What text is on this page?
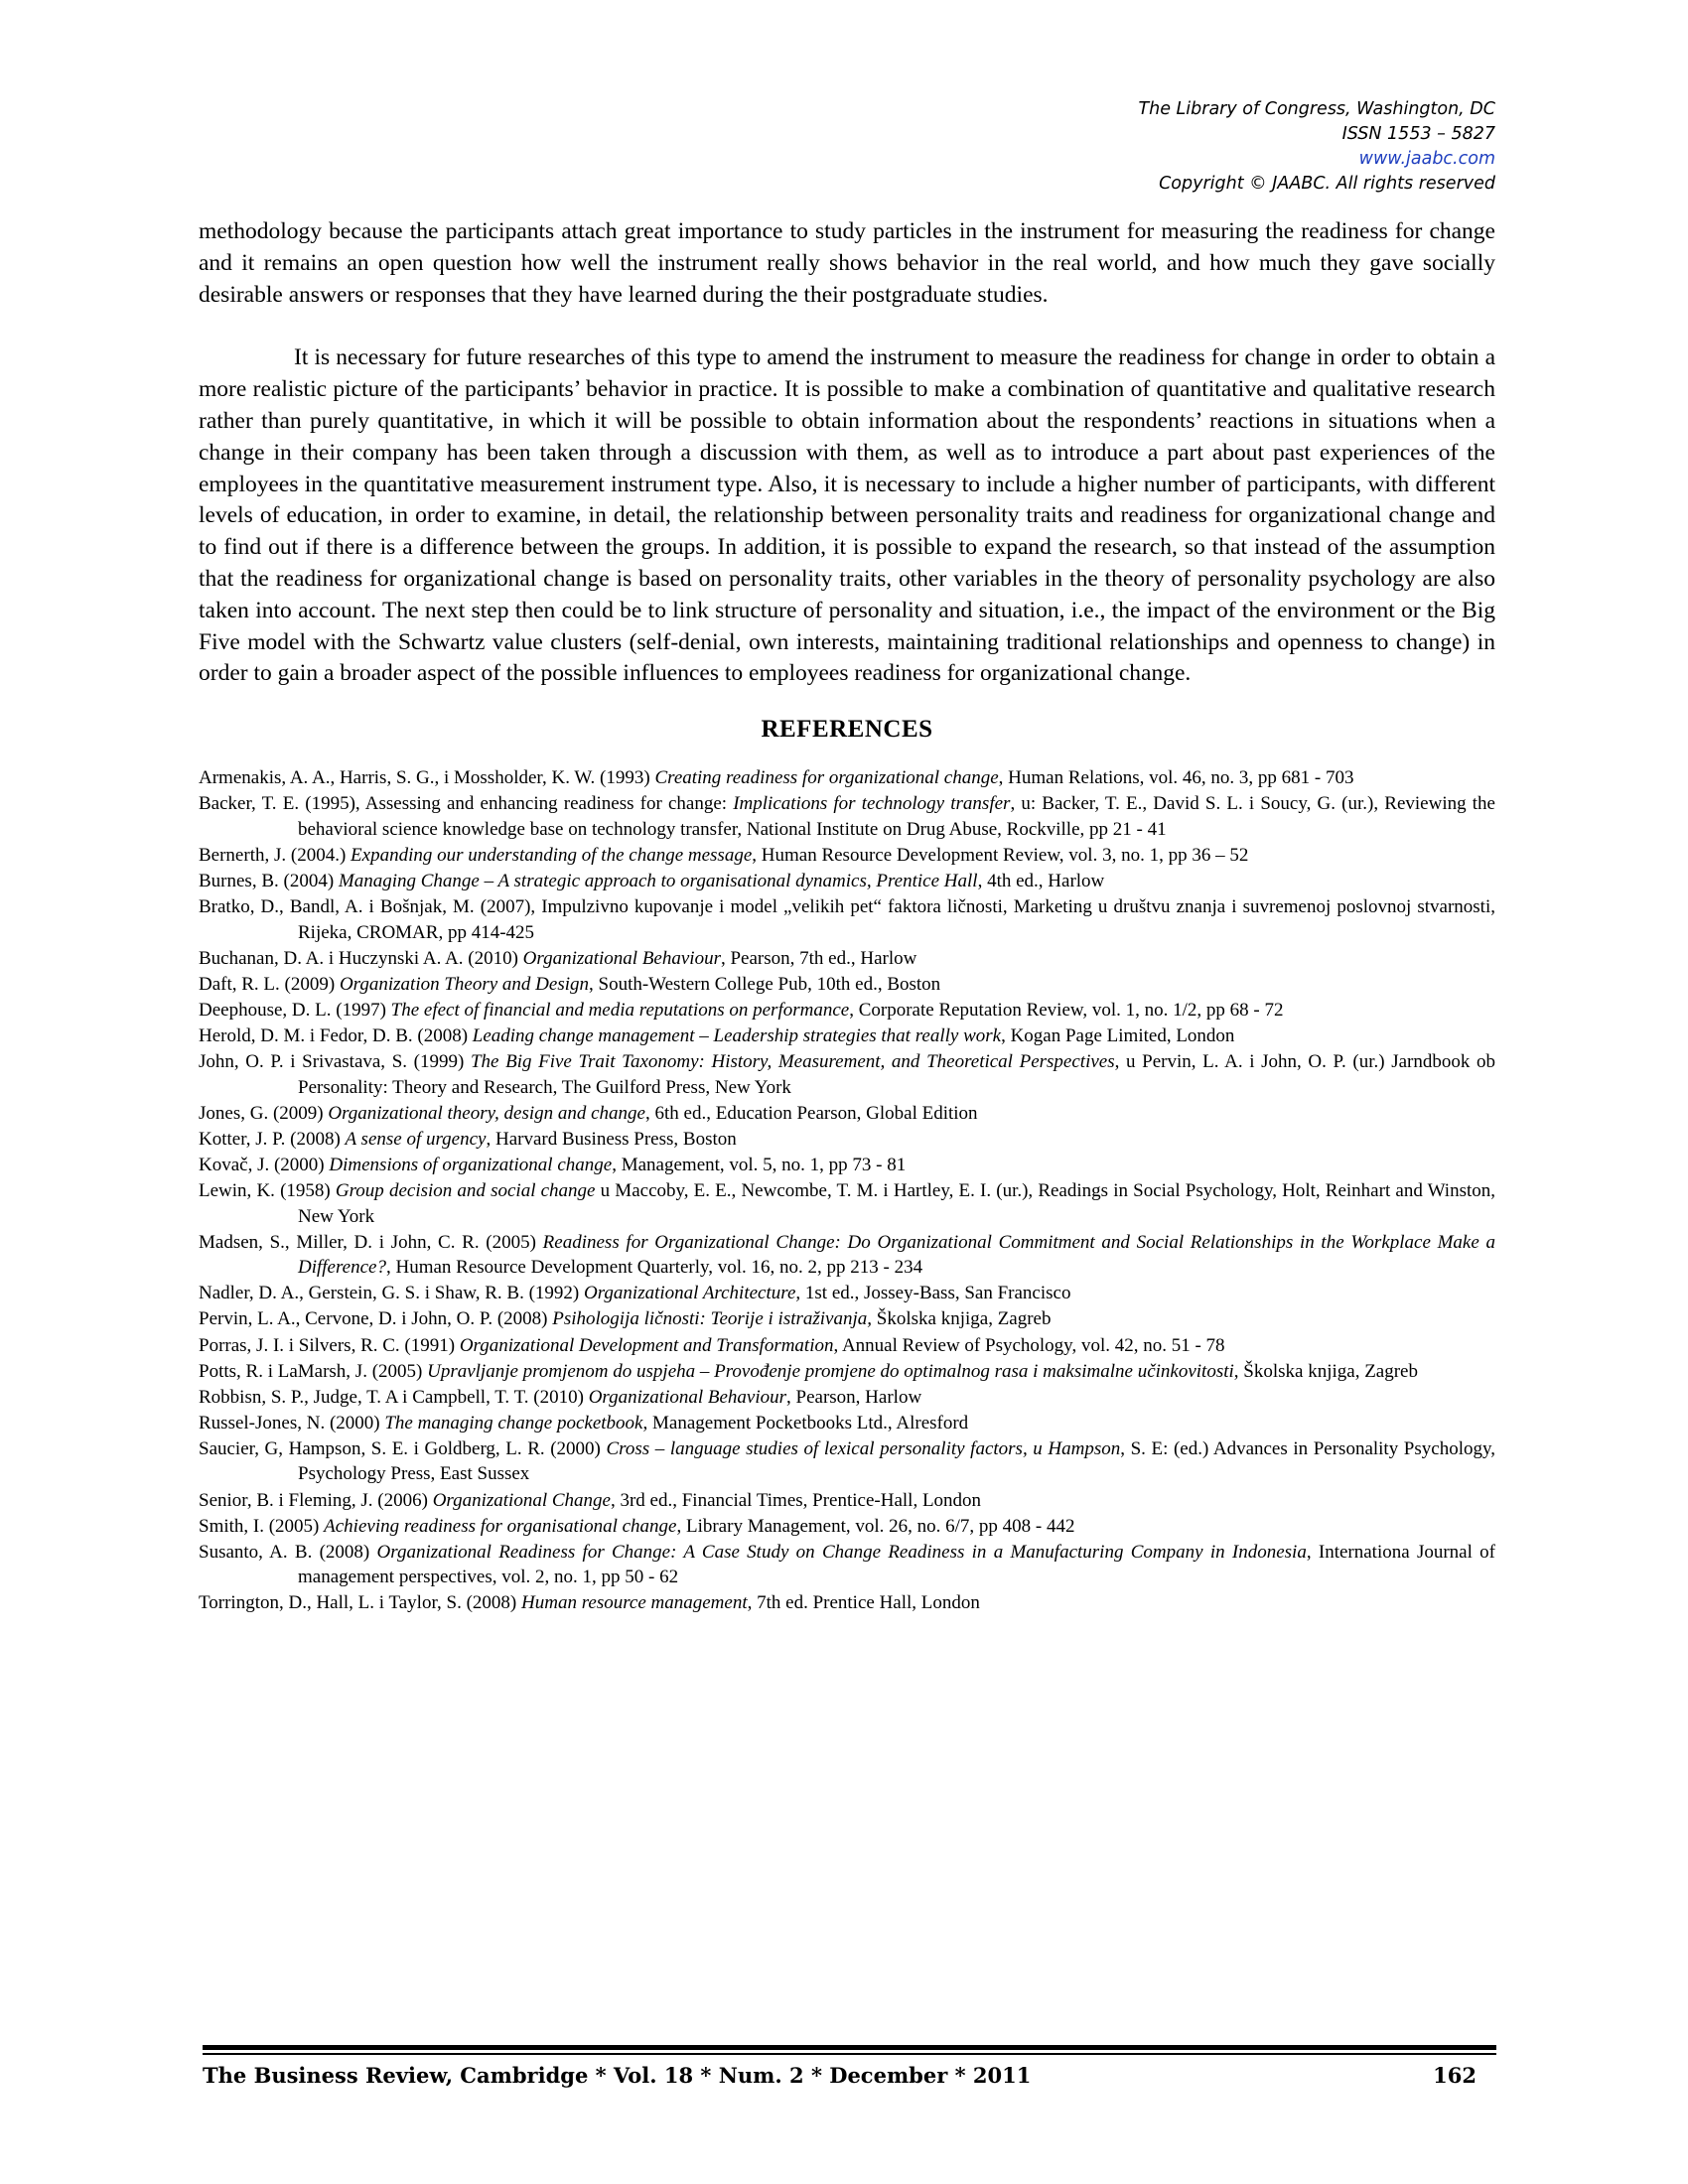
The Library of Congress, Washington, DC
ISSN 1553 – 5827
www.jaabc.com
Copyright © JAABC. All rights reserved

methodology because the participants attach great importance to study particles in the instrument for measuring the readiness for change and it remains an open question how well the instrument really shows behavior in the real world, and how much they gave socially desirable answers or responses that they have learned during the their postgraduate studies.

It is necessary for future researches of this type to amend the instrument to measure the readiness for change in order to obtain a more realistic picture of the participants’ behavior in practice. It is possible to make a combination of quantitative and qualitative research rather than purely quantitative, in which it will be possible to obtain information about the respondents’ reactions in situations when a change in their company has been taken through a discussion with them, as well as to introduce a part about past experiences of the employees in the quantitative measurement instrument type. Also, it is necessary to include a higher number of participants, with different levels of education, in order to examine, in detail, the relationship between personality traits and readiness for organizational change and to find out if there is a difference between the groups. In addition, it is possible to expand the research, so that instead of the assumption that the readiness for organizational change is based on personality traits, other variables in the theory of personality psychology are also taken into account. The next step then could be to link structure of personality and situation, i.e., the impact of the environment or the Big Five model with the Schwartz value clusters (self-denial, own interests, maintaining traditional relationships and openness to change) in order to gain a broader aspect of the possible influences to employees readiness for organizational change.

REFERENCES
Armenakis, A. A., Harris, S. G., i Mossholder, K. W. (1993) Creating readiness for organizational change, Human Relations, vol. 46, no. 3, pp 681 - 703
Backer, T. E. (1995), Assessing and enhancing readiness for change: Implications for technology transfer, u: Backer, T. E., David S. L. i Soucy, G. (ur.), Reviewing the behavioral science knowledge base on technology transfer, National Institute on Drug Abuse, Rockville, pp 21 - 41
Bernerth, J. (2004.) Expanding our understanding of the change message, Human Resource Development Review, vol. 3, no. 1, pp 36 – 52
Burnes, B. (2004) Managing Change – A strategic approach to organisational dynamics, Prentice Hall, 4th ed., Harlow
Bratko, D., Bandl, A. i Bošnjak, M. (2007), Impulzivno kupovanje i model „velikih pet“ faktora ličnosti, Marketing u društvu znanja i suvremenoj poslovnoj stvarnosti, Rijeka, CROMAR, pp 414-425
Buchanan, D. A. i Huczynski A. A. (2010) Organizational Behaviour, Pearson, 7th ed., Harlow
Daft, R. L. (2009) Organization Theory and Design, South-Western College Pub, 10th ed., Boston
Deephouse, D. L. (1997) The efect of financial and media reputations on performance, Corporate Reputation Review, vol. 1, no. 1/2, pp 68 - 72
Herold, D. M. i Fedor, D. B. (2008) Leading change management – Leadership strategies that really work, Kogan Page Limited, London
John, O. P. i Srivastava, S. (1999) The Big Five Trait Taxonomy: History, Measurement, and Theoretical Perspectives, u Pervin, L. A. i John, O. P. (ur.) Jarndbook ob Personality: Theory and Research, The Guilford Press, New York
Jones, G. (2009) Organizational theory, design and change, 6th ed., Education Pearson, Global Edition
Kotter, J. P. (2008) A sense of urgency, Harvard Business Press, Boston
Kovač, J. (2000) Dimensions of organizational change, Management, vol. 5, no. 1, pp 73 - 81
Lewin, K. (1958) Group decision and social change u Maccoby, E. E., Newcombe, T. M. i Hartley, E. I. (ur.), Readings in Social Psychology, Holt, Reinhart and Winston, New York
Madsen, S., Miller, D. i John, C. R. (2005) Readiness for Organizational Change: Do Organizational Commitment and Social Relationships in the Workplace Make a Difference?, Human Resource Development Quarterly, vol. 16, no. 2, pp 213 - 234
Nadler, D. A., Gerstein, G. S. i Shaw, R. B. (1992) Organizational Architecture, 1st ed., Jossey-Bass, San Francisco
Pervin, L. A., Cervone, D. i John, O. P. (2008) Psihologija ličnosti: Teorije i istraživanja, Školska knjiga, Zagreb
Porras, J. I. i Silvers, R. C. (1991) Organizational Development and Transformation, Annual Review of Psychology, vol. 42, no. 51 - 78
Potts, R. i LaMarsh, J. (2005) Upravljanje promjenom do uspjeha – Provođenje promjene do optimalnog rasa i maksimalne učinkovitosti, Školska knjiga, Zagreb
Robbisn, S. P., Judge, T. A i Campbell, T. T. (2010) Organizational Behaviour, Pearson, Harlow
Russel-Jones, N. (2000) The managing change pocketbook, Management Pocketbooks Ltd., Alresford
Saucier, G, Hampson, S. E. i Goldberg, L. R. (2000) Cross – language studies of lexical personality factors, u Hampson, S. E: (ed.) Advances in Personality Psychology, Psychology Press, East Sussex
Senior, B. i Fleming, J. (2006) Organizational Change, 3rd ed., Financial Times, Prentice-Hall, London
Smith, I. (2005) Achieving readiness for organisational change, Library Management, vol. 26, no. 6/7, pp 408 - 442
Susanto, A. B. (2008) Organizational Readiness for Change: A Case Study on Change Readiness in a Manufacturing Company in Indonesia, Internationa Journal of management perspectives, vol. 2, no. 1, pp 50 - 62
Torrington, D., Hall, L. i Taylor, S. (2008) Human resource management, 7th ed. Prentice Hall, London
The Business Review, Cambridge * Vol. 18 * Num. 2 * December * 2011	162
